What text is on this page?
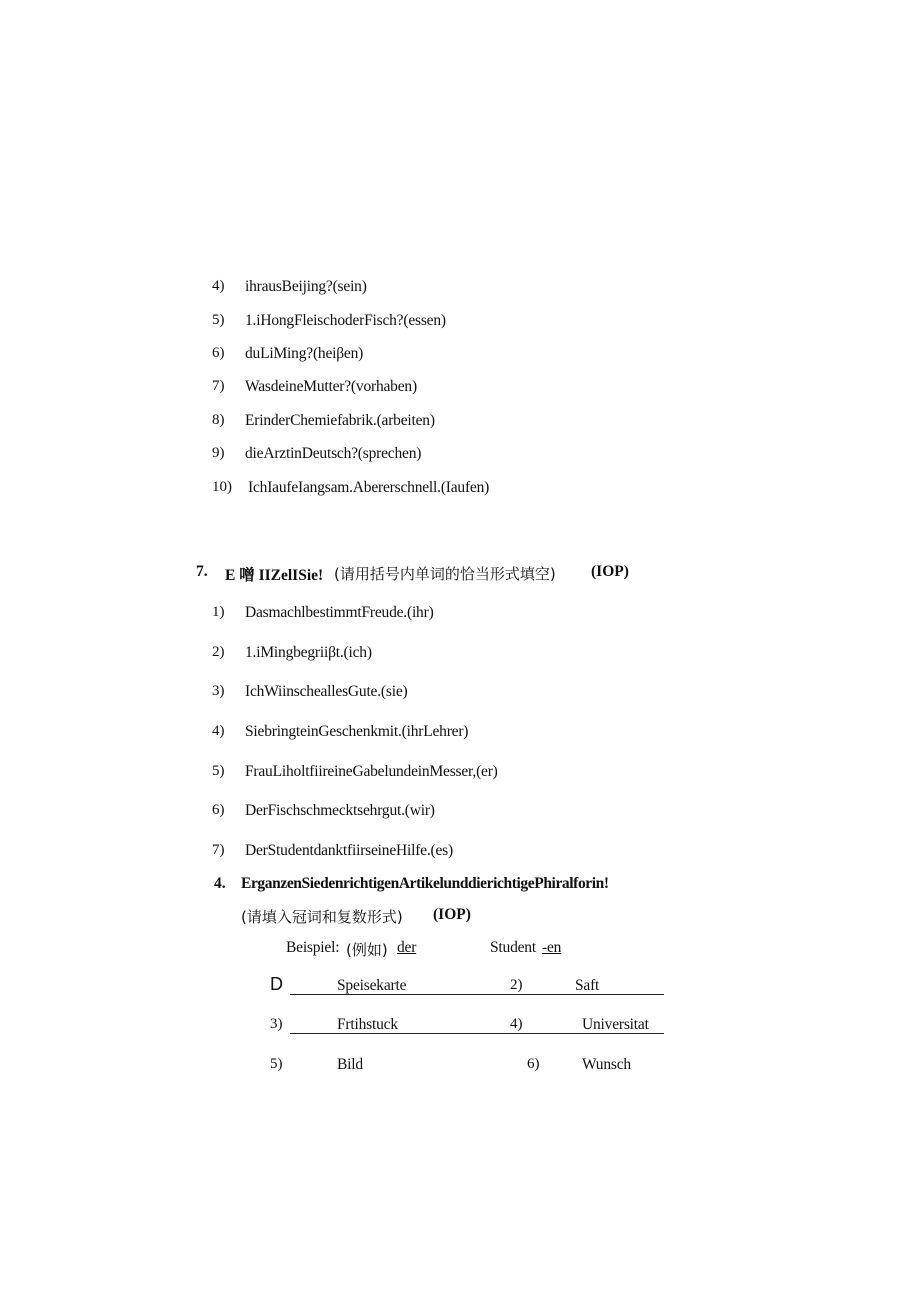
4) ihrausBeijing?(sein)
5) 1.iHongFleischoderFisch?(essen)
6) duLiMing?(heiβen)
7) WasdeineMutter?(vorhaben)
8) ErinderChemiefabrik.(arbeiten)
9) dieArztinDeutsch?(sprechen)
10) IchIaufeIangsam.Abererschnell.(Iaufen)
7. E 噌 IIZelISie! (请用括号内单词的恰当形式填空) (IOP)
1) DasmachlbestimmtFreude.(ihr)
2) 1.iMingbegriiβt.(ich)
3) IchWiinscheallesGute.(sie)
4) SiebringteinGeschenkmit.(ihrLehrer)
5) FrauLiholtfiireineGabelundeinMesser,(er)
6) DerFischschmecktsehrgut.(wir)
7) DerStudentdanktfiirseineHilfe.(es)
4. ErganzenSiedenrichtigenArtikelunddierichtigePhiralforin!
(请填入冠词和复数形式) (IOP)
Beispiel: (例如) der	Student -en
D	Speisekarte	2)	Saft
3)	Frtihstuck	4)	Universitat
5)	Bild	6)	Wunsch
